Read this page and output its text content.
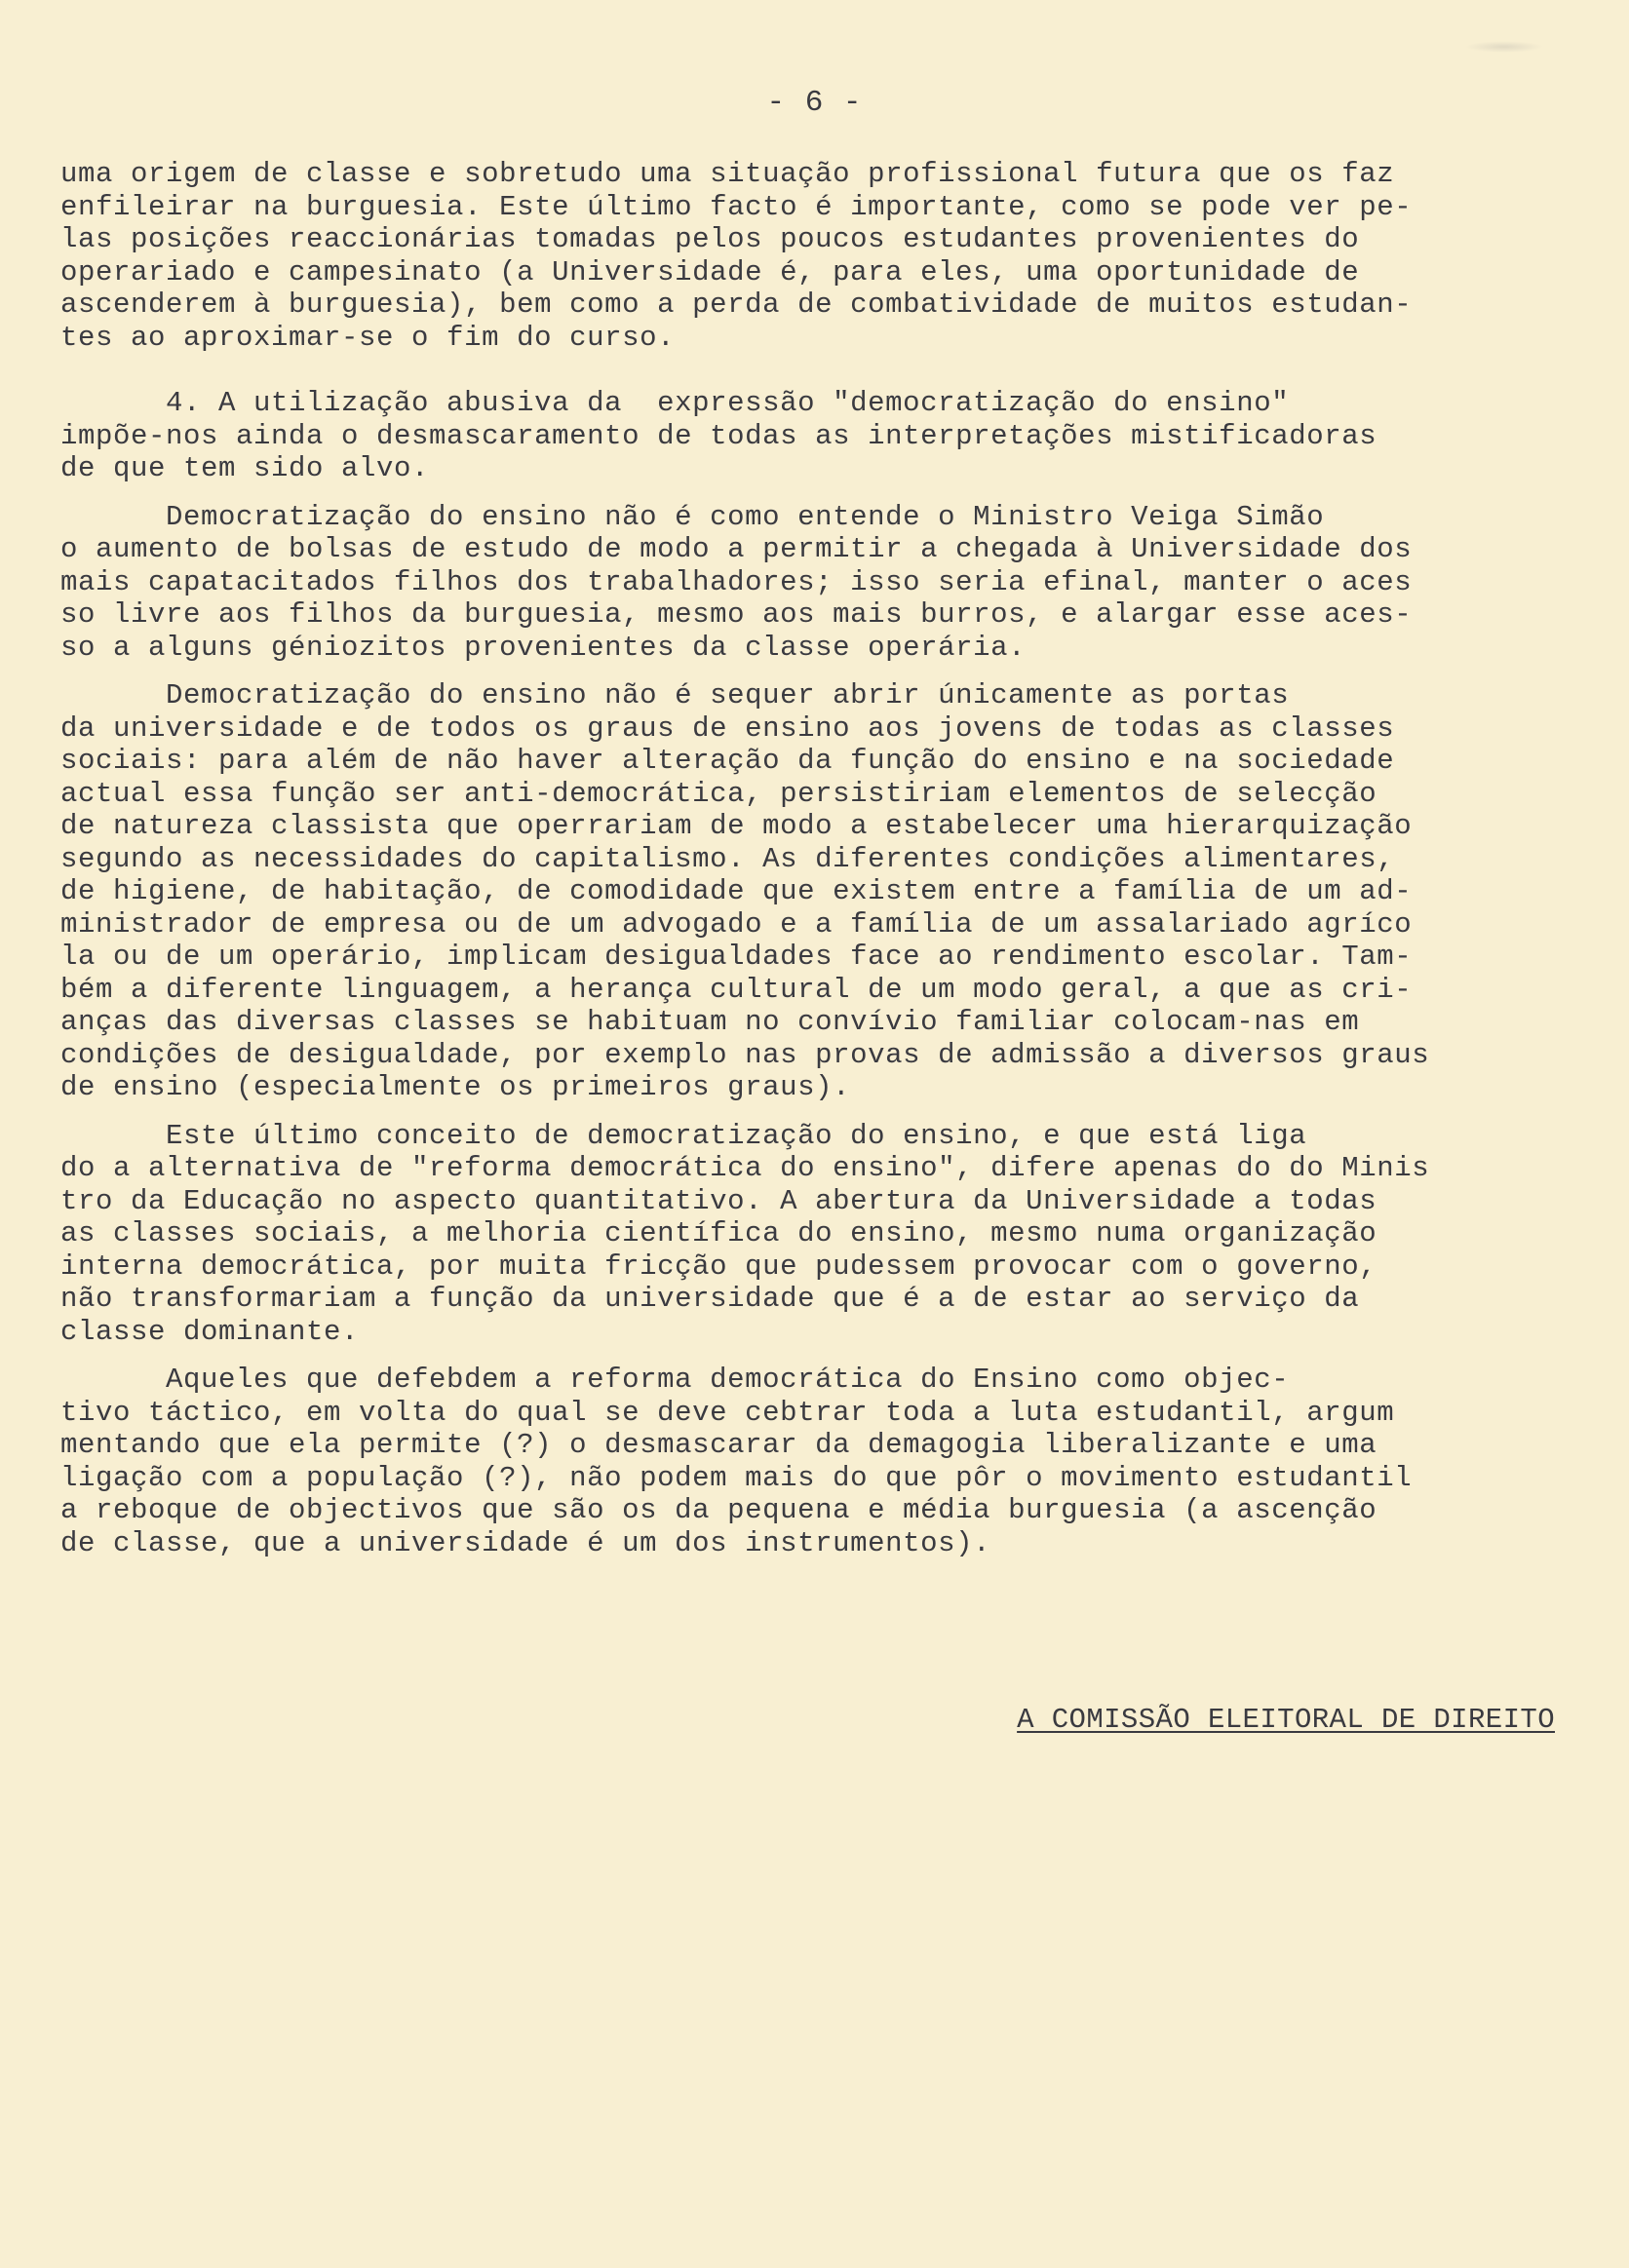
- 6 -
uma origem de classe e sobretudo uma situação profissional futura que os faz
enfileirar na burguesia. Este último facto é importante, como se pode ver pe-
las posições reaccionárias tomadas pelos poucos estudantes provenientes do
operariado e campesinato (a Universidade é, para eles, uma oportunidade de
ascenderem à burguesia), bem como a perda de combatividade de muitos estudan-
tes ao aproximar-se o fim do curso.
4. A utilização abusiva da  expressão "democratização do ensino"
impõe-nos ainda o desmascaramento de todas as interpretações mistificadoras
de que tem sido alvo.
Democratização do ensino não é como entende o Ministro Veiga Simão
o aumento de bolsas de estudo de modo a permitir a chegada à Universidade dos
mais capatacitados filhos dos trabalhadores; isso seria efinal, manter o aces
so livre aos filhos da burguesia, mesmo aos mais burros, e alargar esse aces-
so a alguns géniozitos provenientes da classe operária.
Democratização do ensino não é sequer abrir únicamente as portas
da universidade e de todos os graus de ensino aos jovens de todas as classes
sociais: para além de não haver alteração da função do ensino e na sociedade
actual essa função ser anti-democrática, persistiriam elementos de selecção
de natureza classista que operrariam de modo a estabelecer uma hierarquização
segundo as necessidades do capitalismo. As diferentes condições alimentares,
de higiene, de habitação, de comodidade que existem entre a família de um ad-
ministrador de empresa ou de um advogado e a família de um assalariado agríco
la ou de um operário, implicam desigualdades face ao rendimento escolar. Tam-
bém a diferente linguagem, a herança cultural de um modo geral, a que as cri-
anças das diversas classes se habituam no convívio familiar colocam-nas em
condições de desigualdade, por exemplo nas provas de admissão a diversos graus
de ensino (especialmente os primeiros graus).
Este último conceito de democratização do ensino, e que está liga
do a alternativa de "reforma democrática do ensino", difere apenas do do Minis
tro da Educação no aspecto quantitativo. A abertura da Universidade a todas
as classes sociais, a melhoria científica do ensino, mesmo numa organização
interna democrática, por muita fricção que pudessem provocar com o governo,
não transformariam a função da universidade que é a de estar ao serviço da
classe dominante.
Aqueles que defebdem a reforma democrática do Ensino como objec-
tivo táctico, em volta do qual se deve cebtrar toda a luta estudantil, argum
mentando que ela permite (?) o desmascarar da demagogia liberalizante e uma
ligação com a população (?), não podem mais do que pôr o movimento estudantil
a reboque de objectivos que são os da pequena e média burguesia (a ascenção
de classe, que a universidade é um dos instrumentos).
A COMISSÃO ELEITORAL DE DIREITO
